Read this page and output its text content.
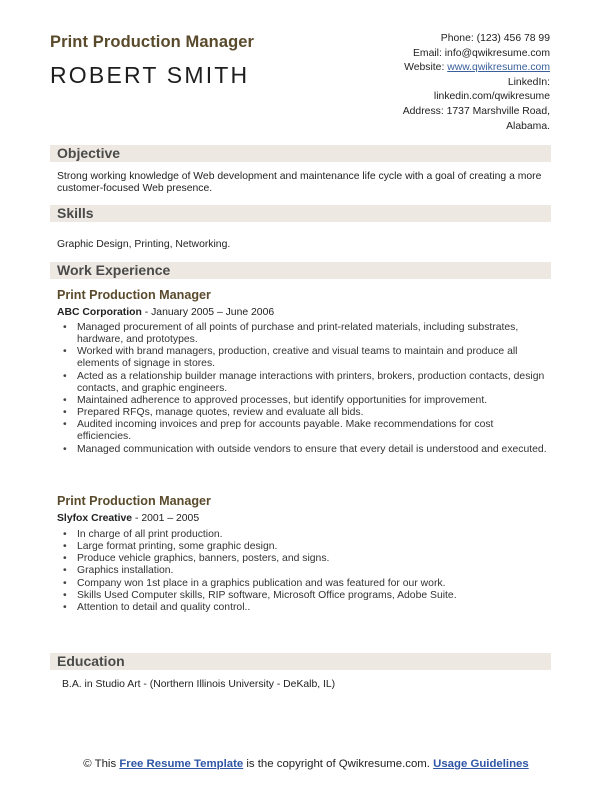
Print Production Manager
ROBERT SMITH
Phone: (123) 456 78 99
Email: info@qwikresume.com
Website: www.qwikresume.com
LinkedIn:
linkedin.com/qwikresume
Address: 1737 Marshville Road,
Alabama.
Objective
Strong working knowledge of Web development and maintenance life cycle with a goal of creating a more customer-focused Web presence.
Skills
Graphic Design, Printing, Networking.
Work Experience
Print Production Manager
ABC Corporation - January 2005 – June 2006
• Managed procurement of all points of purchase and print-related materials, including substrates, hardware, and prototypes.
• Worked with brand managers, production, creative and visual teams to maintain and produce all elements of signage in stores.
• Acted as a relationship builder manage interactions with printers, brokers, production contacts, design contacts, and graphic engineers.
• Maintained adherence to approved processes, but identify opportunities for improvement.
• Prepared RFQs, manage quotes, review and evaluate all bids.
• Audited incoming invoices and prep for accounts payable. Make recommendations for cost efficiencies.
• Managed communication with outside vendors to ensure that every detail is understood and executed.
Print Production Manager
Slyfox Creative - 2001 – 2005
• In charge of all print production.
• Large format printing, some graphic design.
• Produce vehicle graphics, banners, posters, and signs.
• Graphics installation.
• Company won 1st place in a graphics publication and was featured for our work.
• Skills Used Computer skills, RIP software, Microsoft Office programs, Adobe Suite.
• Attention to detail and quality control..
Education
B.A. in Studio Art - (Northern Illinois University - DeKalb, IL)
© This Free Resume Template is the copyright of Qwikresume.com. Usage Guidelines
